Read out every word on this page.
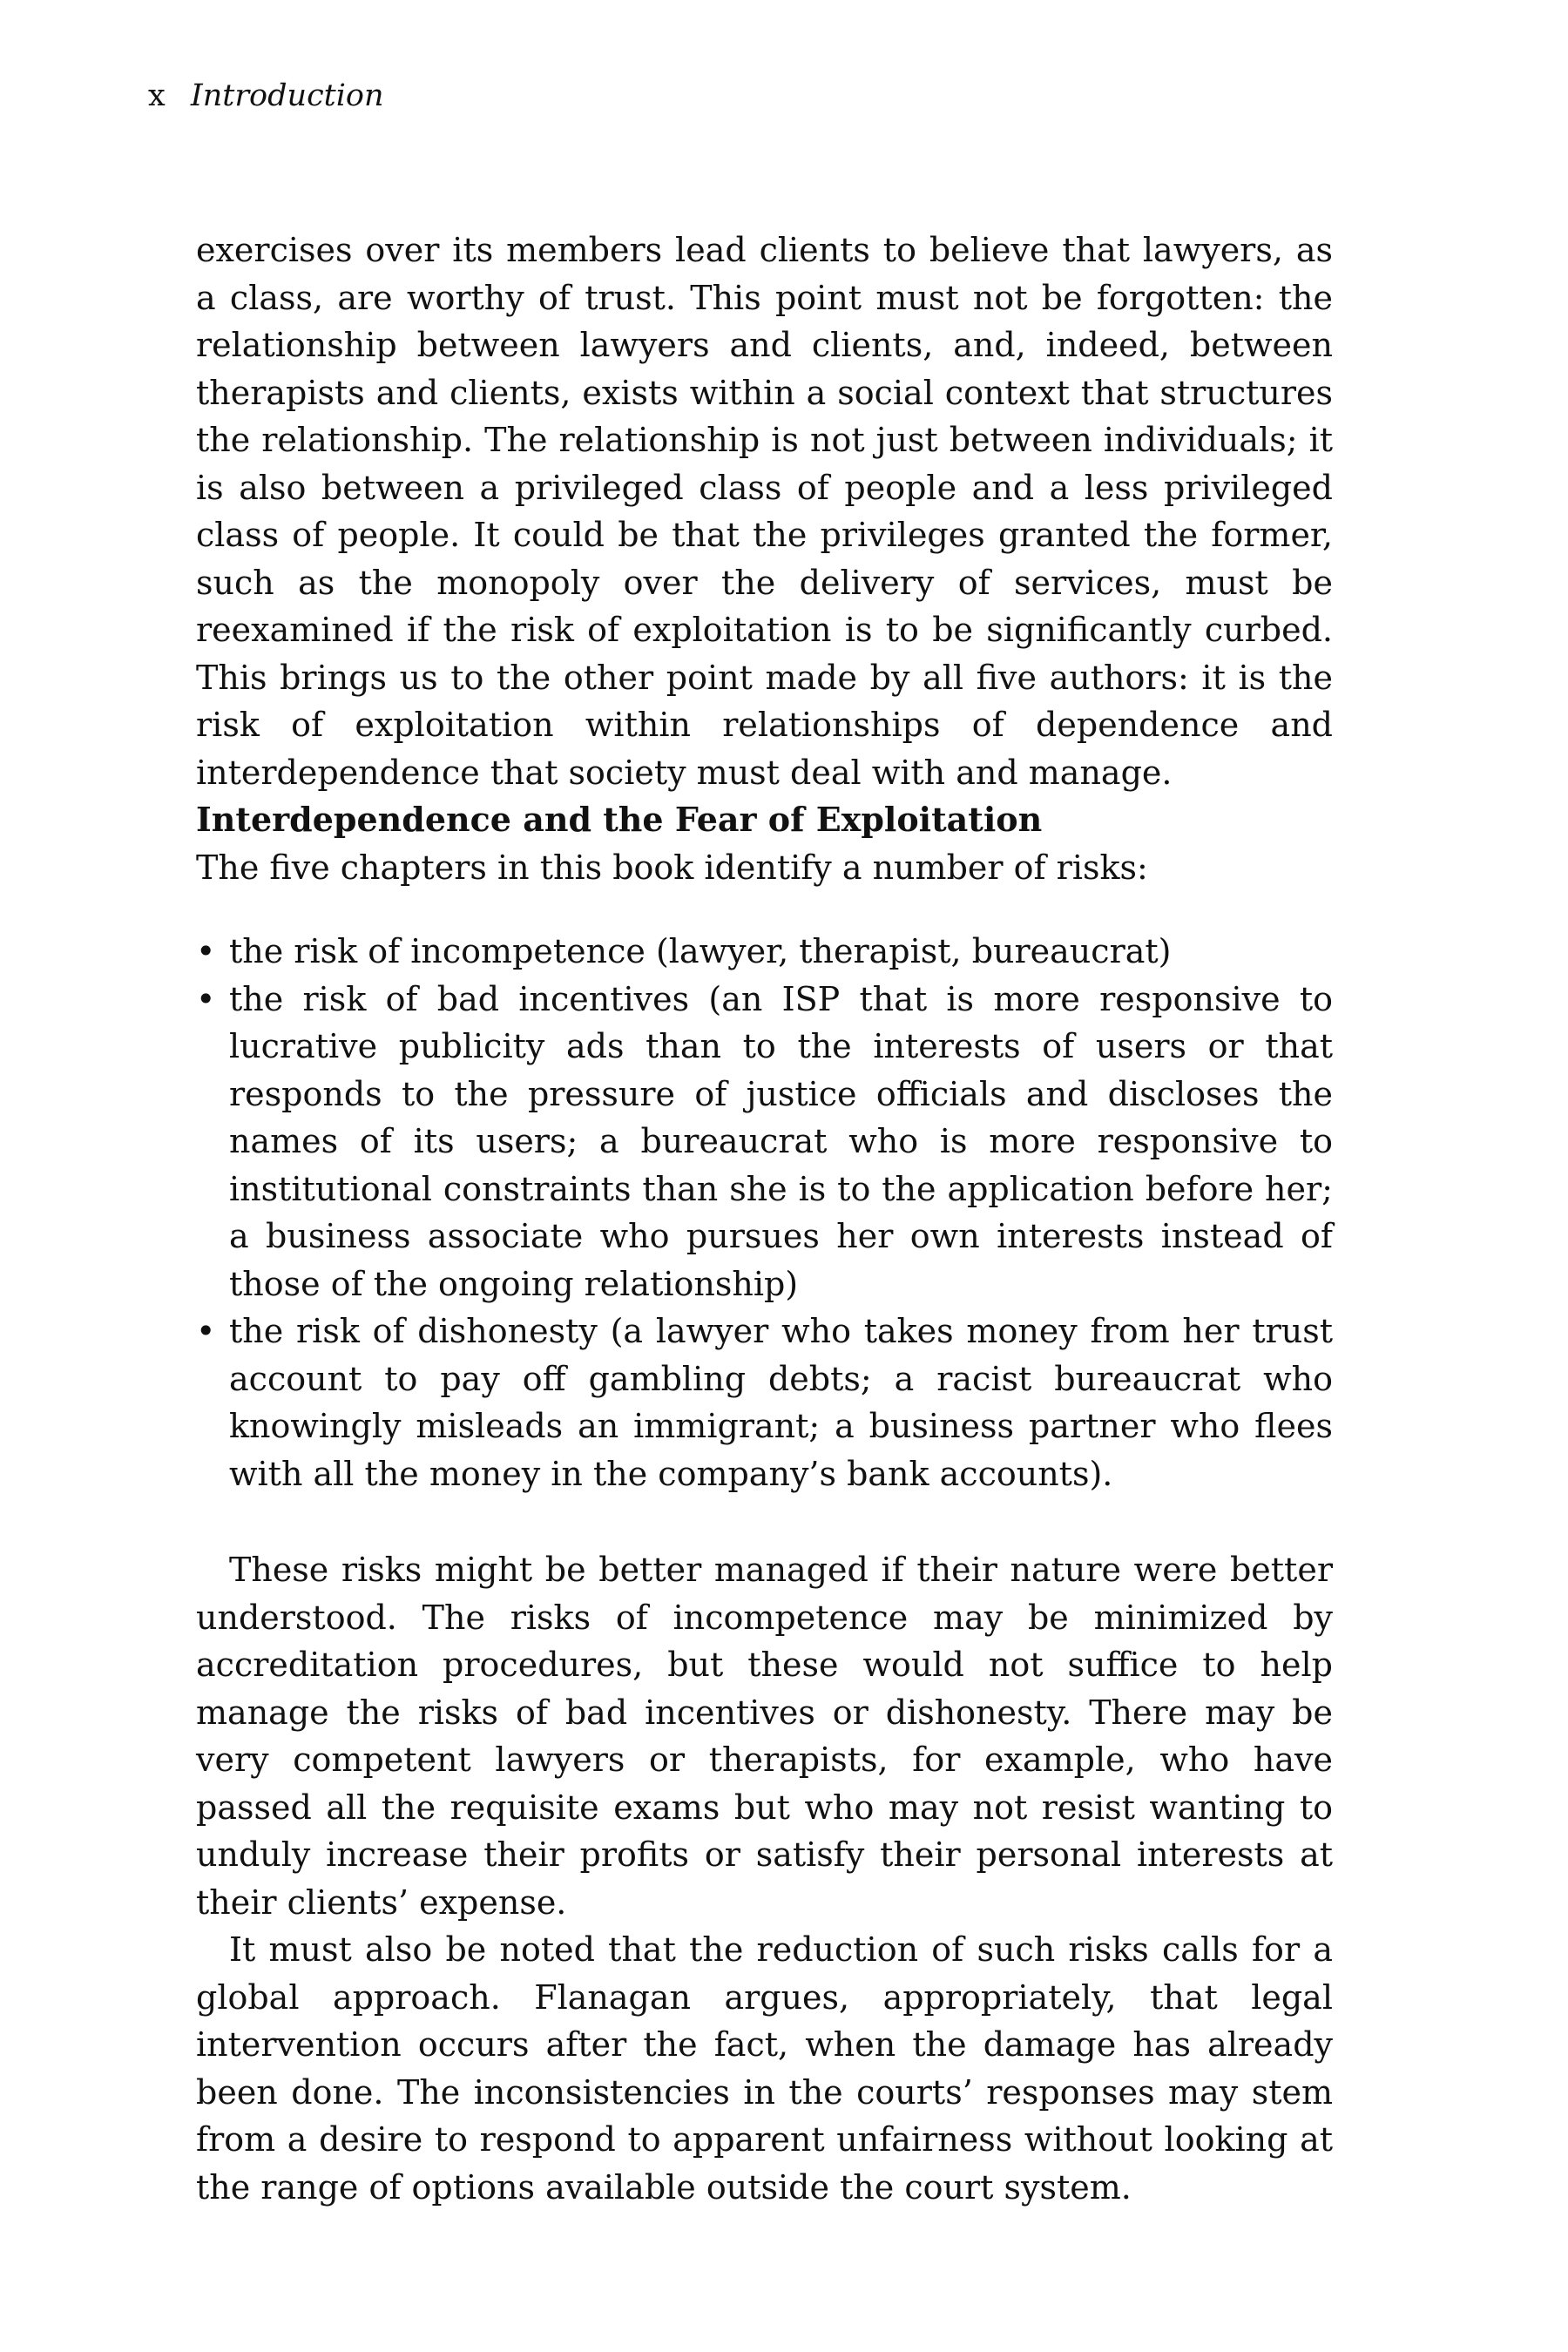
x Introduction

exercises over its members lead clients to believe that lawyers, as a class, are worthy of trust. This point must not be forgotten: the relationship between lawyers and clients, and, indeed, between therapists and clients, exists within a social context that structures the relationship. The relationship is not just between individuals; it is also between a privileged class of people and a less privileged class of people. It could be that the privileges granted the former, such as the monopoly over the delivery of services, must be reexamined if the risk of exploitation is to be significantly curbed. This brings us to the other point made by all five authors: it is the risk of exploitation within relationships of dependence and interdependence that society must deal with and manage.

Interdependence and the Fear of Exploitation

The five chapters in this book identify a number of risks:

• the risk of incompetence (lawyer, therapist, bureaucrat)
• the risk of bad incentives (an ISP that is more responsive to lucrative publicity ads than to the interests of users or that responds to the pressure of justice officials and discloses the names of its users; a bureaucrat who is more responsive to institutional constraints than she is to the application before her; a business associate who pursues her own interests instead of those of the ongoing relationship)
• the risk of dishonesty (a lawyer who takes money from her trust account to pay off gambling debts; a racist bureaucrat who knowingly misleads an immigrant; a business partner who flees with all the money in the company’s bank accounts).

These risks might be better managed if their nature were better understood. The risks of incompetence may be minimized by accreditation procedures, but these would not suffice to help manage the risks of bad incentives or dishonesty. There may be very competent lawyers or therapists, for example, who have passed all the requisite exams but who may not resist wanting to unduly increase their profits or satisfy their personal interests at their clients’ expense.

It must also be noted that the reduction of such risks calls for a global approach. Flanagan argues, appropriately, that legal intervention occurs after the fact, when the damage has already been done. The inconsistencies in the courts’ responses may stem from a desire to respond to apparent unfairness without looking at the range of options available outside the court system.
